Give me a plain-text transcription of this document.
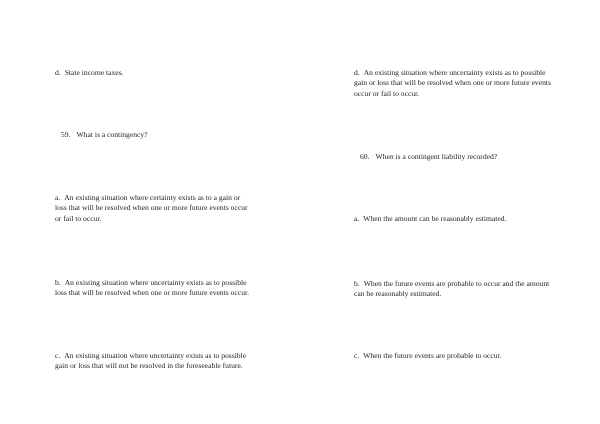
d. State income taxes.

59. What is a contingency?

a. An existing situation where certainty exists as to a gain or
loss that will be resolved when one or more future events occur
or fail to occur.
b. An existing situation where uncertainty exists as to possible
loss that will be resolved when one or more future events occur.
c. An existing situation where uncertainty exists as to possible
gain or loss that will not be resolved in the foreseeable future.
d. An existing situation where uncertainty exists as to possible
gain or loss that will be resolved when one or more future events
occur or fail to occur.

60. When is a contingent liability recorded?

a. When the amount can be reasonably estimated.

b. When the future events are probable to occur and the amount
can be reasonably estimated.

c. When the future events are probable to occur.
